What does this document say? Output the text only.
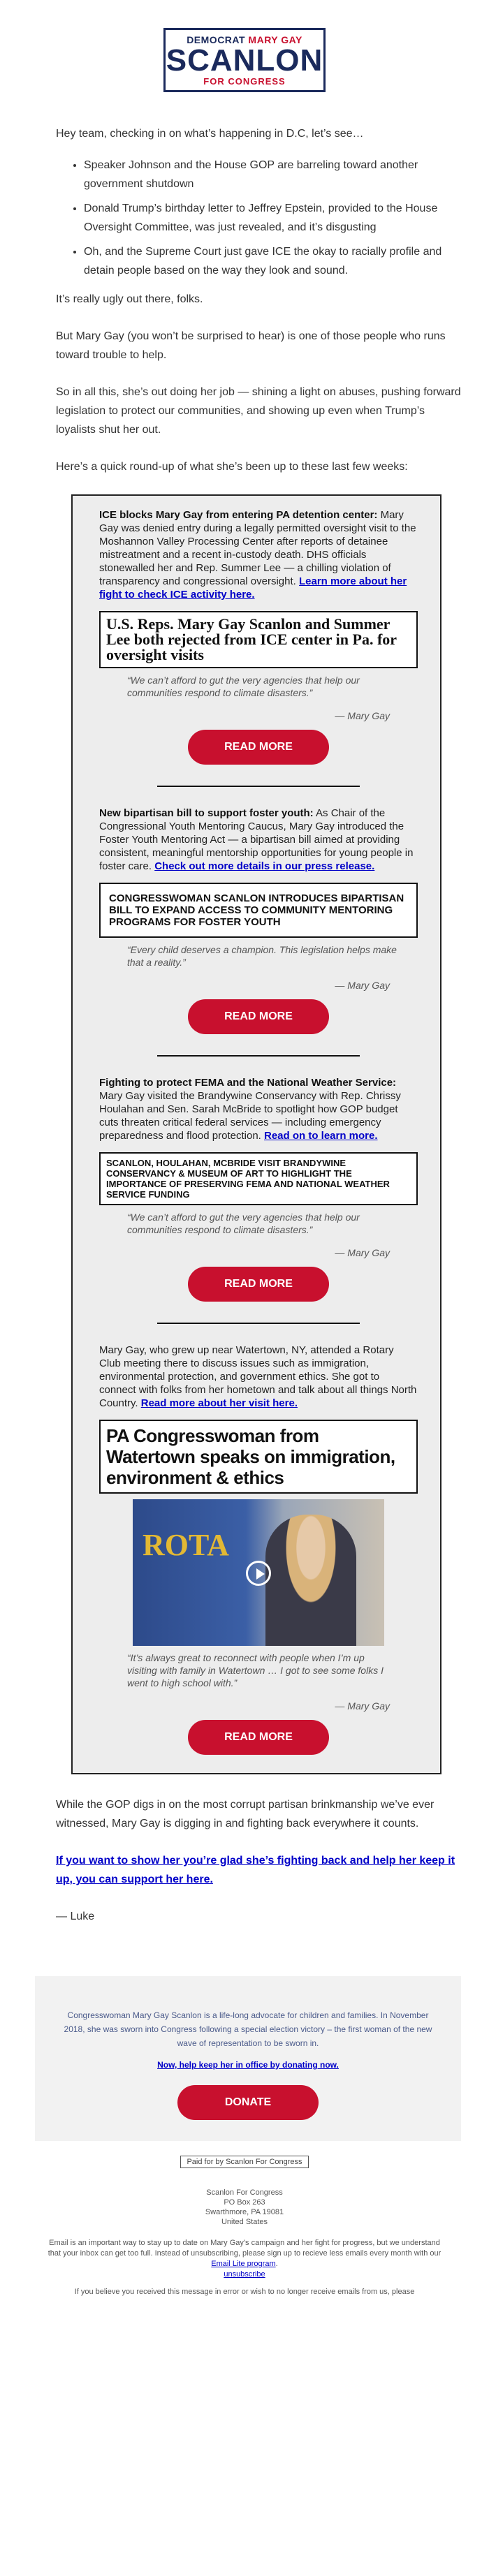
DEMOCRAT MARY GAY
SCANLON
FOR CONGRESS

Hey team, checking in on what’s happening in D.C, let’s see…

• Speaker Johnson and the House GOP are barreling toward another government shutdown
• Donald Trump’s birthday letter to Jeffrey Epstein, provided to the House Oversight Committee, was just revealed, and it’s disgusting
• Oh, and the Supreme Court just gave ICE the okay to racially profile and detain people based on the way they look and sound.

It’s really ugly out there, folks.

But Mary Gay (you won’t be surprised to hear) is one of those people who runs toward trouble to help.

So in all this, she’s out doing her job — shining a light on abuses, pushing forward legislation to protect our communities, and showing up even when Trump’s loyalists shut her out.

Here’s a quick round-up of what she’s been up to these last few weeks:

ICE blocks Mary Gay from entering PA detention center: Mary Gay was denied entry during a legally permitted oversight visit to the Moshannon Valley Processing Center after reports of detainee mistreatment and a recent in-custody death. DHS officials stonewalled her and Rep. Summer Lee — a chilling violation of transparency and congressional oversight. Learn more about her fight to check ICE activity here.
U.S. Reps. Mary Gay Scanlon and Summer Lee both rejected from ICE center in Pa. for oversight visits
“We can’t afford to gut the very agencies that help our communities respond to climate disasters.”
— Mary Gay
READ MORE
New bipartisan bill to support foster youth: As Chair of the Congressional Youth Mentoring Caucus, Mary Gay introduced the Foster Youth Mentoring Act — a bipartisan bill aimed at providing consistent, meaningful mentorship opportunities for young people in foster care. Check out more details in our press release.
CONGRESSWOMAN SCANLON INTRODUCES BIPARTISAN BILL TO EXPAND ACCESS TO COMMUNITY MENTORING PROGRAMS FOR FOSTER YOUTH
“Every child deserves a champion. This legislation helps make that a reality.”
— Mary Gay
READ MORE
Fighting to protect FEMA and the National Weather Service: Mary Gay visited the Brandywine Conservancy with Rep. Chrissy Houlahan and Sen. Sarah McBride to spotlight how GOP budget cuts threaten critical federal services — including emergency preparedness and flood protection. Read on to learn more.
SCANLON, HOULAHAN, MCBRIDE VISIT BRANDYWINE CONSERVANCY & MUSEUM OF ART TO HIGHLIGHT THE IMPORTANCE OF PRESERVING FEMA AND NATIONAL WEATHER SERVICE FUNDING
“We can’t afford to gut the very agencies that help our communities respond to climate disasters.”
— Mary Gay
READ MORE
Mary Gay, who grew up near Watertown, NY, attended a Rotary Club meeting there to discuss issues such as immigration, environmental protection, and government ethics. She got to connect with folks from her hometown and talk about all things North Country. Read more about her visit here.
PA Congresswoman from Watertown speaks on immigration, environment & ethics
ROTA
“It’s always great to reconnect with people when I’m up visiting with family in Watertown … I got to see some folks I went to high school with.”
— Mary Gay
READ MORE

While the GOP digs in on the most corrupt partisan brinkmanship we’ve ever witnessed, Mary Gay is digging in and fighting back everywhere it counts.

If you want to show her you’re glad she’s fighting back and help her keep it up, you can support her here.

— Luke

Congresswoman Mary Gay Scanlon is a life-long advocate for children and families. In November 2018, she was sworn into Congress following a special election victory – the first woman of the new wave of representation to be sworn in.
Now, help keep her in office by donating now.
DONATE
Paid for by Scanlon For Congress
Scanlon For Congress
PO Box 263
Swarthmore, PA 19081
United States
Email is an important way to stay up to date on Mary Gay's campaign and her fight for progress, but we understand that your inbox can get too full. Instead of unsubscribing, please sign up to recieve less emails every month with our Email Lite program.
unsubscribe
If you believe you received this message in error or wish to no longer receive emails from us, please
